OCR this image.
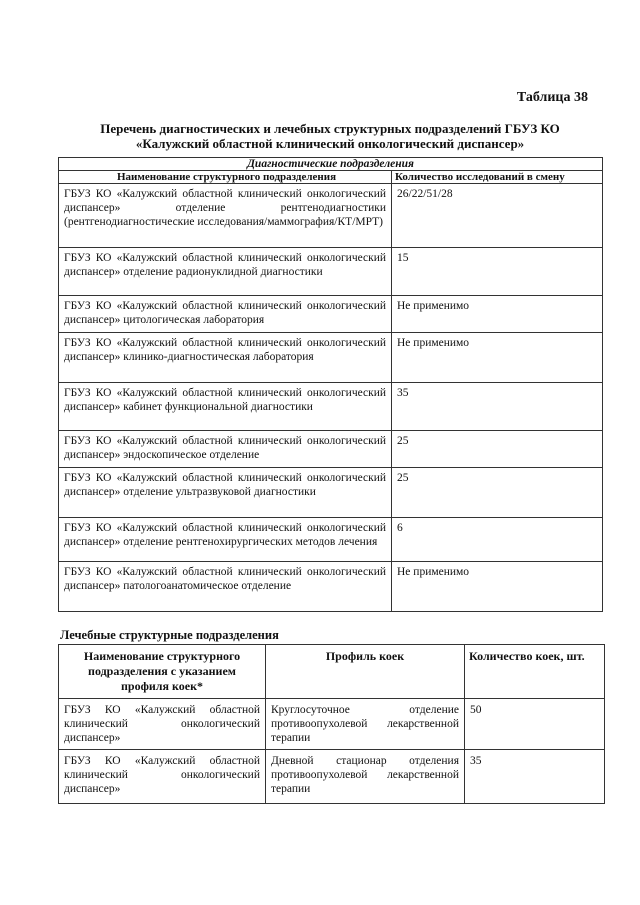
Таблица 38
Перечень диагностических и лечебных структурных подразделений ГБУЗ КО
«Калужский областной клинический онкологический диспансер»
Диагностические подразделения	
Наименование структурного подразделения	Количество исследований в смену
ГБУЗ КО «Калужский областной клинический онкологический диспансер» отделение рентгенодиагностики (рентгенодиагностические исследования/маммография/КТ/МРТ)	26/22/51/28
ГБУЗ КО «Калужский областной клинический онкологический диспансер» отделение радионуклидной диагностики	15
ГБУЗ КО «Калужский областной клинический онкологический диспансер» цитологическая лаборатория	Не применимо
ГБУЗ КО «Калужский областной клинический онкологический диспансер» клинико-диагностическая лаборатория	Не применимо
ГБУЗ КО «Калужский областной клинический онкологический диспансер» кабинет функциональной диагностики	35
ГБУЗ КО «Калужский областной клинический онкологический диспансер» эндоскопическое отделение	25
ГБУЗ КО «Калужский областной клинический онкологический диспансер» отделение ультразвуковой диагностики	25
ГБУЗ КО «Калужский областной клинический онкологический диспансер» отделение рентгенохирургических методов лечения	6
ГБУЗ КО «Калужский областной клинический онкологический диспансер» патологоанатомическое отделение	Не применимо
Лечебные структурные подразделения
Наименование структурного подразделения с указанием профиля коек*	Профиль коек	Количество коек, шт.
ГБУЗ КО «Калужский областной клинический онкологический диспансер»	Круглосуточное отделение противоопухолевой лекарственной терапии	50
ГБУЗ КО «Калужский областной клинический онкологический диспансер»	Дневной стационар отделения противоопухолевой лекарственной терапии	35
